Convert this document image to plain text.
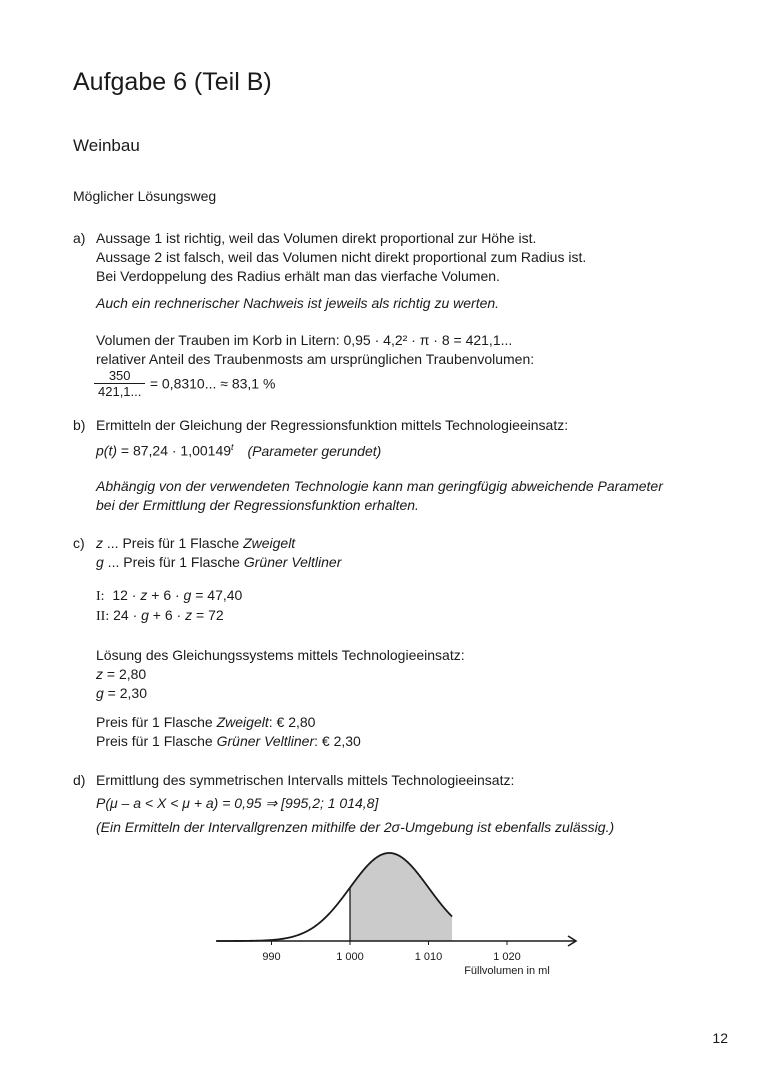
Aufgabe 6 (Teil B)
Weinbau
Möglicher Lösungsweg
a) Aussage 1 ist richtig, weil das Volumen direkt proportional zur Höhe ist.
Aussage 2 ist falsch, weil das Volumen nicht direkt proportional zum Radius ist.
Bei Verdoppelung des Radius erhält man das vierfache Volumen.
Auch ein rechnerischer Nachweis ist jeweils als richtig zu werten.
Volumen der Trauben im Korb in Litern: 0,95 · 4,2² · π · 8 = 421,1...
relativer Anteil des Traubenmosts am ursprünglichen Traubenvolumen:
$\frac{350}{421,1...} = 0,8310$... ≈ 83,1 %
b) Ermitteln der Gleichung der Regressionsfunktion mittels Technologieeinsatz:
$p(t) = 87,24 \cdot 1,00149^t$ (Parameter gerundet)
Abhängig von der verwendeten Technologie kann man geringfügig abweichende Parameter
bei der Ermittlung der Regressionsfunktion erhalten.
c) z ... Preis für 1 Flasche Zweigelt
g ... Preis für 1 Flasche Grüner Veltliner
I: 12 · z + 6 · g = 47,40
II: 24 · g + 6 · z = 72
Lösung des Gleichungssystems mittels Technologieeinsatz:
z = 2,80
g = 2,30
Preis für 1 Flasche Zweigelt: € 2,80
Preis für 1 Flasche Grüner Veltliner: € 2,30
d) Ermittlung des symmetrischen Intervalls mittels Technologieeinsatz:
P(μ – a < X < μ + a) = 0,95 ⇒ [995,2; 1 014,8]
(Ein Ermitteln der Intervallgrenzen mithilfe der 2σ-Umgebung ist ebenfalls zulässig.)
990	1 000	1 010	1 020
Füllvolumen in ml
12
